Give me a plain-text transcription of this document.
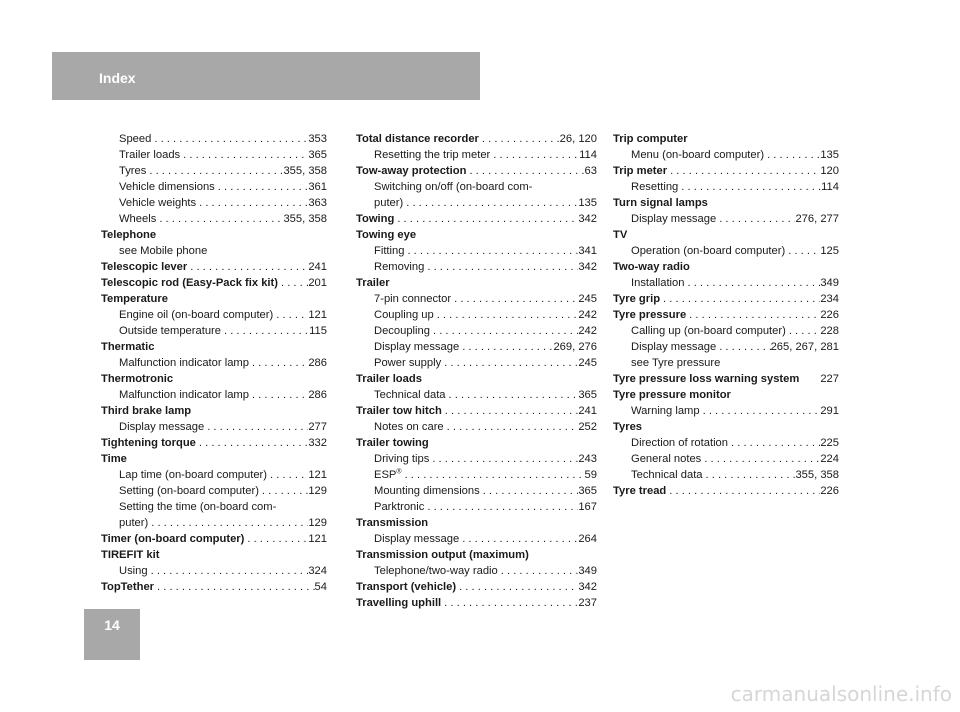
Index
Speed . . .	353
Trailer loads . . .	365
Tyres . . .	355, 358
Vehicle dimensions . . .	361
Vehicle weights . . .	363
Wheels . . .	355, 358
Telephone
see Mobile phone
Telescopic lever . . .	241
Telescopic rod (Easy-Pack fix kit) . . .	201
Temperature
Engine oil (on-board computer) . . .	121
Outside temperature . . .	115
Thermatic
Malfunction indicator lamp . . .	286
Thermotronic
Malfunction indicator lamp . . .	286
Third brake lamp
Display message . . .	277
Tightening torque . . .	332
Time
Lap time (on-board computer) . . .	121
Setting (on-board computer) . . .	129
Setting the time (on-board com-
puter) . . .	129
Timer (on-board computer) . . .	121
TIREFIT kit
Using . . .	324
TopTether . . .	54
Total distance recorder . . .	26, 120
Resetting the trip meter . . .	114
Tow-away protection . . .	63
Switching on/off (on-board com-
puter) . . .	135
Towing . . .	342
Towing eye
Fitting . . .	341
Removing . . .	342
Trailer
7-pin connector . . .	245
Coupling up . . .	242
Decoupling . . .	242
Display message . . .	269, 276
Power supply . . .	245
Trailer loads
Technical data . . .	365
Trailer tow hitch . . .	241
Notes on care . . .	252
Trailer towing
Driving tips . . .	243
ESP® . . .	59
Mounting dimensions . . .	365
Parktronic . . .	167
Transmission
Display message . . .	264
Transmission output (maximum)
Telephone/two-way radio . . .	349
Transport (vehicle) . . .	342
Travelling uphill . . .	237
Trip computer
Menu (on-board computer) . . .	135
Trip meter . . .	120
Resetting . . .	114
Turn signal lamps
Display message . . .	276, 277
TV
Operation (on-board computer) . . .	125
Two-way radio
Installation . . .	349
Tyre grip . . .	234
Tyre pressure . . .	226
Calling up (on-board computer) . . .	228
Display message . . .	265, 267, 281
see Tyre pressure
Tyre pressure loss warning system 227
Tyre pressure monitor
Warning lamp . . .	291
Tyres
Direction of rotation . . .	225
General notes . . .	224
Technical data . . .	355, 358
Tyre tread . . .	226
14
carmanualsonline.info
